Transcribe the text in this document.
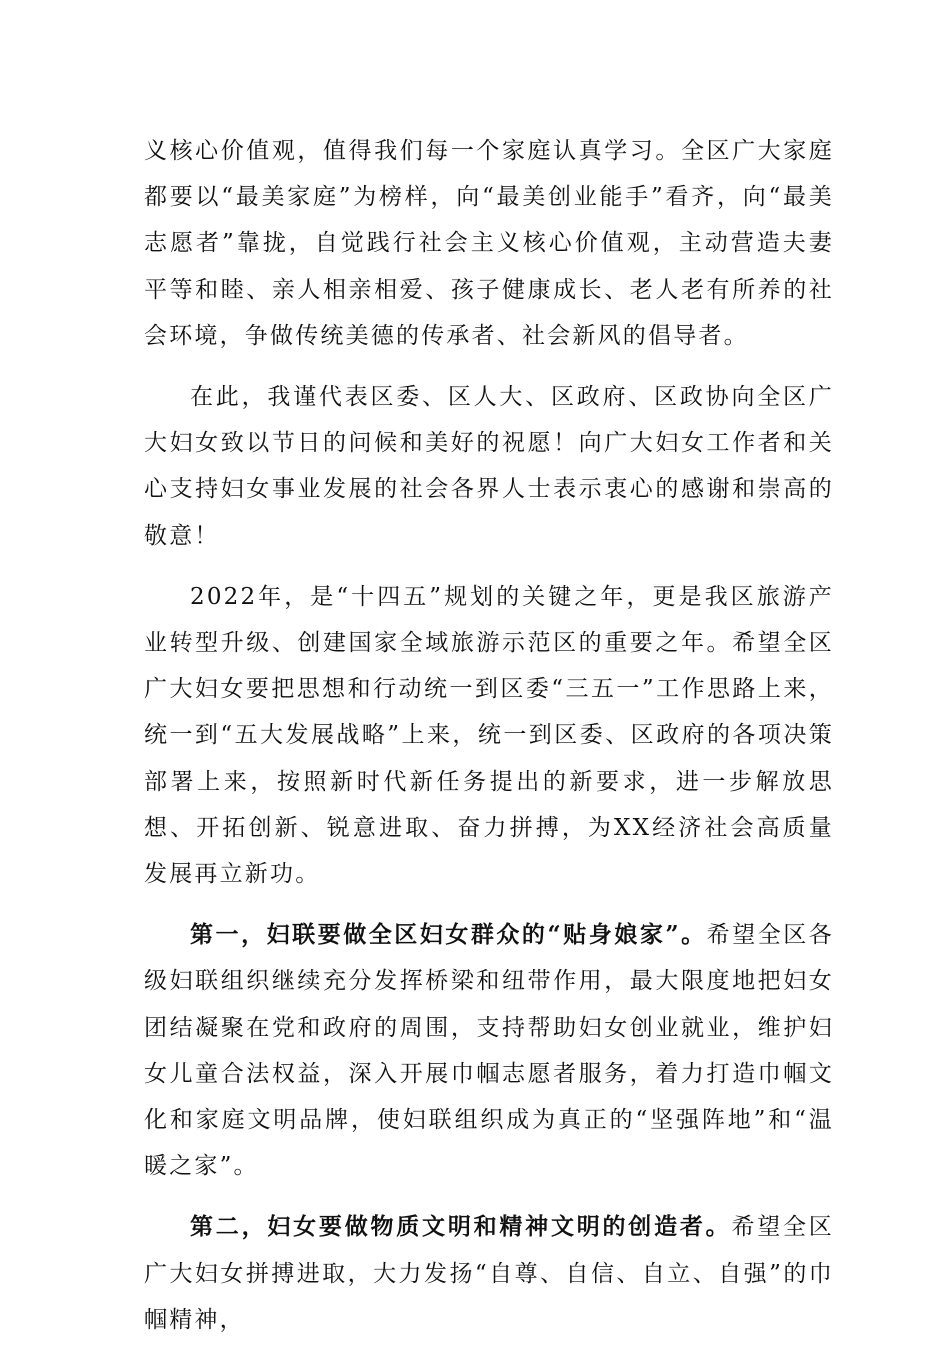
义核心价值观，值得我们每一个家庭认真学习。全区广大家庭都要以“最美家庭”为榜样，向“最美创业能手”看齐，向“最美志愿者”靠拢，自觉践行社会主义核心价值观，主动营造夫妻平等和睦、亲人相亲相爱、孩子健康成长、老人老有所养的社会环境，争做传统美德的传承者、社会新风的倡导者。

在此，我谨代表区委、区人大、区政府、区政协向全区广大妇女致以节日的问候和美好的祝愿！向广大妇女工作者和关心支持妇女事业发展的社会各界人士表示衷心的感谢和崇高的敬意！

2022年，是“十四五”规划的关键之年，更是我区旅游产业转型升级、创建国家全域旅游示范区的重要之年。希望全区广大妇女要把思想和行动统一到区委“三五一”工作思路上来，统一到“五大发展战略”上来，统一到区委、区政府的各项决策部署上来，按照新时代新任务提出的新要求，进一步解放思想、开拓创新、锐意进取、奋力拼搏，为XX经济社会高质量发展再立新功。

第一，妇联要做全区妇女群众的“贴身娘家”。希望全区各级妇联组织继续充分发挥桥梁和纽带作用，最大限度地把妇女团结凝聚在党和政府的周围，支持帮助妇女创业就业，维护妇女儿童合法权益，深入开展巾帼志愿者服务，着力打造巾帼文化和家庭文明品牌，使妇联组织成为真正的“坚强阵地”和“温暖之家”。

第二，妇女要做物质文明和精神文明的创造者。希望全区广大妇女拼搏进取，大力发扬“自尊、自信、自立、自强”的巾帼精神，
